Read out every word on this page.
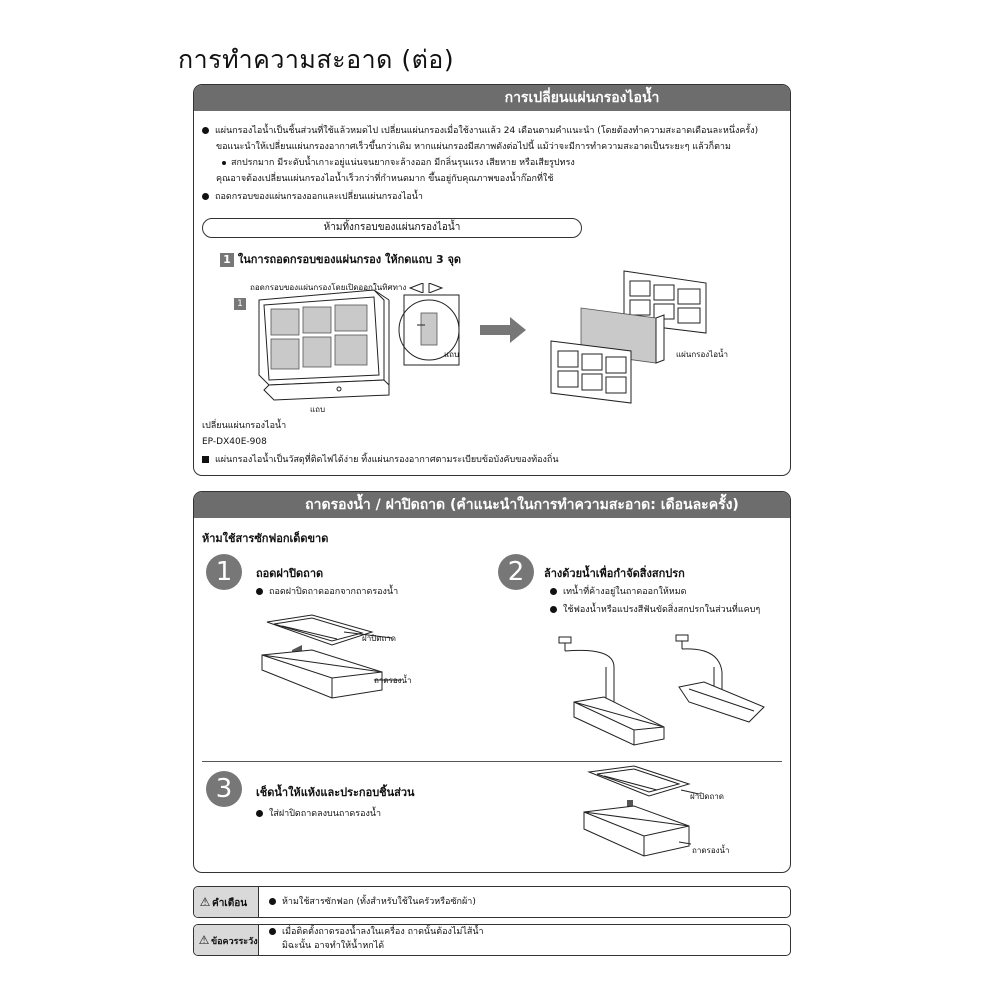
การทำความสะอาด (ต่อ)
การเปลี่ยนแผ่นกรองไอน้ำ
แผ่นกรองไอน้ำเป็นชิ้นส่วนที่ใช้แล้วหมดไป เปลี่ยนแผ่นกรองเมื่อใช้งานแล้ว 24 เดือนตามคำแนะนำ (โดยต้องทำความสะอาดเดือนละหนึ่งครั้ง)
ขอแนะนำให้เปลี่ยนแผ่นกรองอากาศเร็วขึ้นกว่าเดิม หากแผ่นกรองมีสภาพดังต่อไปนี้ แม้ว่าจะมีการทำความสะอาดเป็นระยะๆ แล้วก็ตาม
สกปรกมาก มีระดับน้ำเกาะอยู่แน่นจนยากจะล้างออก มีกลิ่นรุนแรง เสียหาย หรือเสียรูปทรง
คุณอาจต้องเปลี่ยนแผ่นกรองไอน้ำเร็วกว่าที่กำหนดมาก ขึ้นอยู่กับคุณภาพของน้ำก๊อกที่ใช้
ถอดกรอบของแผ่นกรองออกและเปลี่ยนแผ่นกรองไอน้ำ
ห้ามทิ้งกรอบของแผ่นกรองไอน้ำ
1 ในการถอดกรอบของแผ่นกรอง ให้กดแถบ 3 จุด
ถอดกรอบของแผ่นกรองโดยเปิดออกในทิศทาง
1
แถบ
แถบ
แผ่นกรองไอน้ำ
เปลี่ยนแผ่นกรองไอน้ำ
EP-DX40E-908
แผ่นกรองไอน้ำเป็นวัสดุที่ติดไฟได้ง่าย ทิ้งแผ่นกรองอากาศตามระเบียบข้อบังคับของท้องถิ่น
ถาดรองน้ำ / ฝาปิดถาด (คำแนะนำในการทำความสะอาด: เดือนละครั้ง)
ห้ามใช้สารซักฟอกเด็ดขาด
1	ถอดฝาปิดถาด
ถอดฝาปิดถาดออกจากถาดรองน้ำ
ฝาปิดถาด
ถาดรองน้ำ
2	ล้างด้วยน้ำเพื่อกำจัดสิ่งสกปรก
เทน้ำที่ค้างอยู่ในถาดออกให้หมด
ใช้ฟองน้ำหรือแปรงสีฟันขัดสิ่งสกปรกในส่วนที่แคบๆ
3	เช็ดน้ำให้แห้งและประกอบชิ้นส่วน
ใส่ฝาปิดถาดลงบนถาดรองน้ำ
ฝาปิดถาด
ถาดรองน้ำ
⚠ คำเตือน	ห้ามใช้สารซักฟอก (ทั้งสำหรับใช้ในครัวหรือซักผ้า)
⚠ ข้อควรระวัง
เมื่อติดตั้งถาดรองน้ำลงในเครื่อง ถาดนั้นต้องไม่ไส้น้ำ
มิฉะนั้น อาจทำให้น้ำหกได้
